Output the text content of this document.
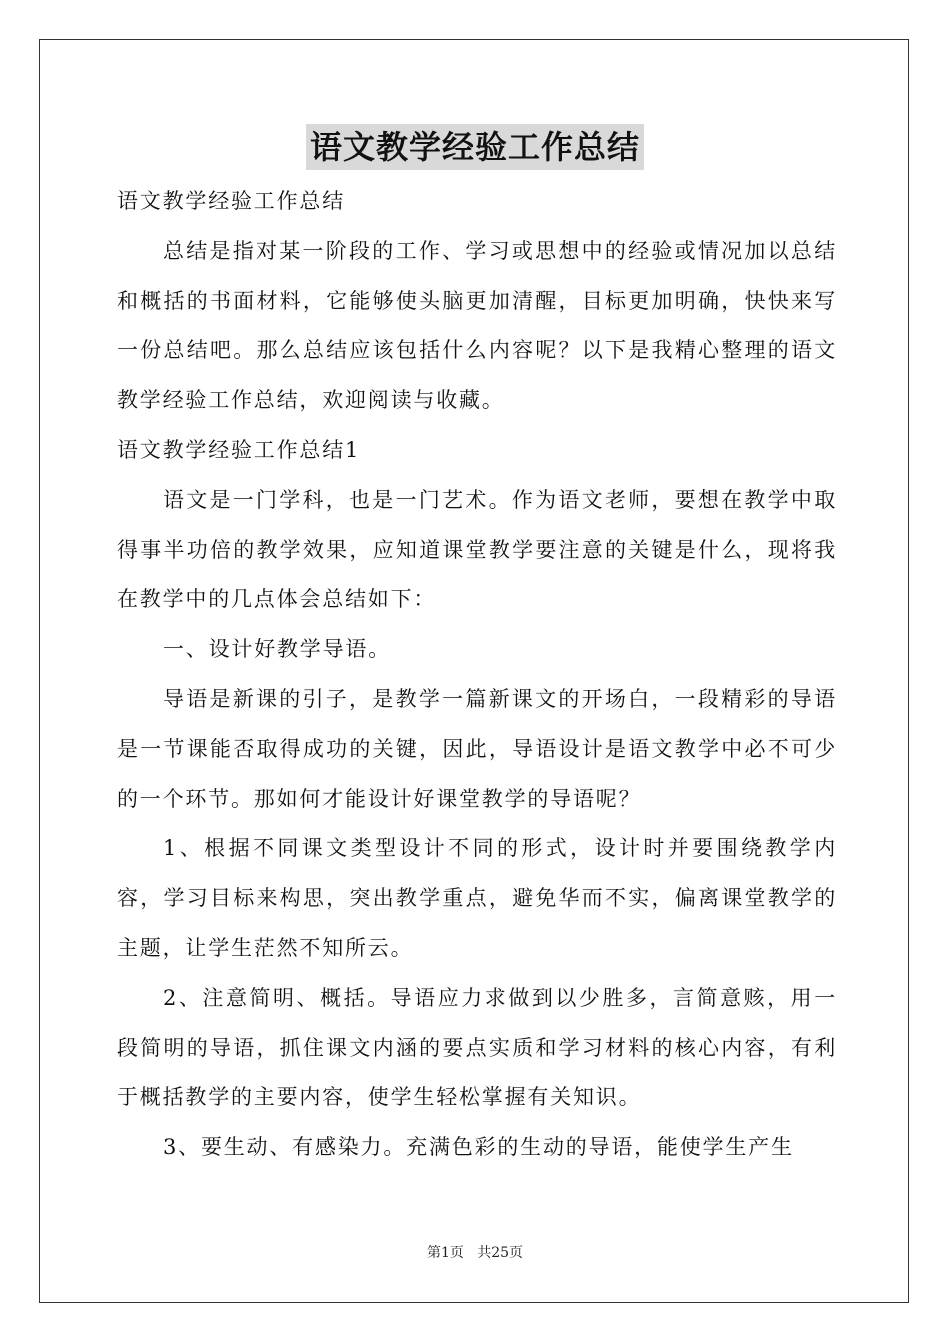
语文教学经验工作总结

语文教学经验工作总结

总结是指对某一阶段的工作、学习或思想中的经验或情况加以总结和概括的书面材料，它能够使头脑更加清醒，目标更加明确，快快来写一份总结吧。那么总结应该包括什么内容呢？以下是我精心整理的语文教学经验工作总结，欢迎阅读与收藏。

语文教学经验工作总结1

语文是一门学科，也是一门艺术。作为语文老师，要想在教学中取得事半功倍的教学效果，应知道课堂教学要注意的关键是什么，现将我在教学中的几点体会总结如下：

一、设计好教学导语。

导语是新课的引子，是教学一篇新课文的开场白，一段精彩的导语是一节课能否取得成功的关键，因此，导语设计是语文教学中必不可少的一个环节。那如何才能设计好课堂教学的导语呢？

1、根据不同课文类型设计不同的形式，设计时并要围绕教学内容，学习目标来构思，突出教学重点，避免华而不实，偏离课堂教学的主题，让学生茫然不知所云。

2、注意简明、概括。导语应力求做到以少胜多，言简意赅，用一段简明的导语，抓住课文内涵的要点实质和学习材料的核心内容，有利于概括教学的主要内容，使学生轻松掌握有关知识。

3、要生动、有感染力。充满色彩的生动的导语，能使学生产生

第1页   共25页
